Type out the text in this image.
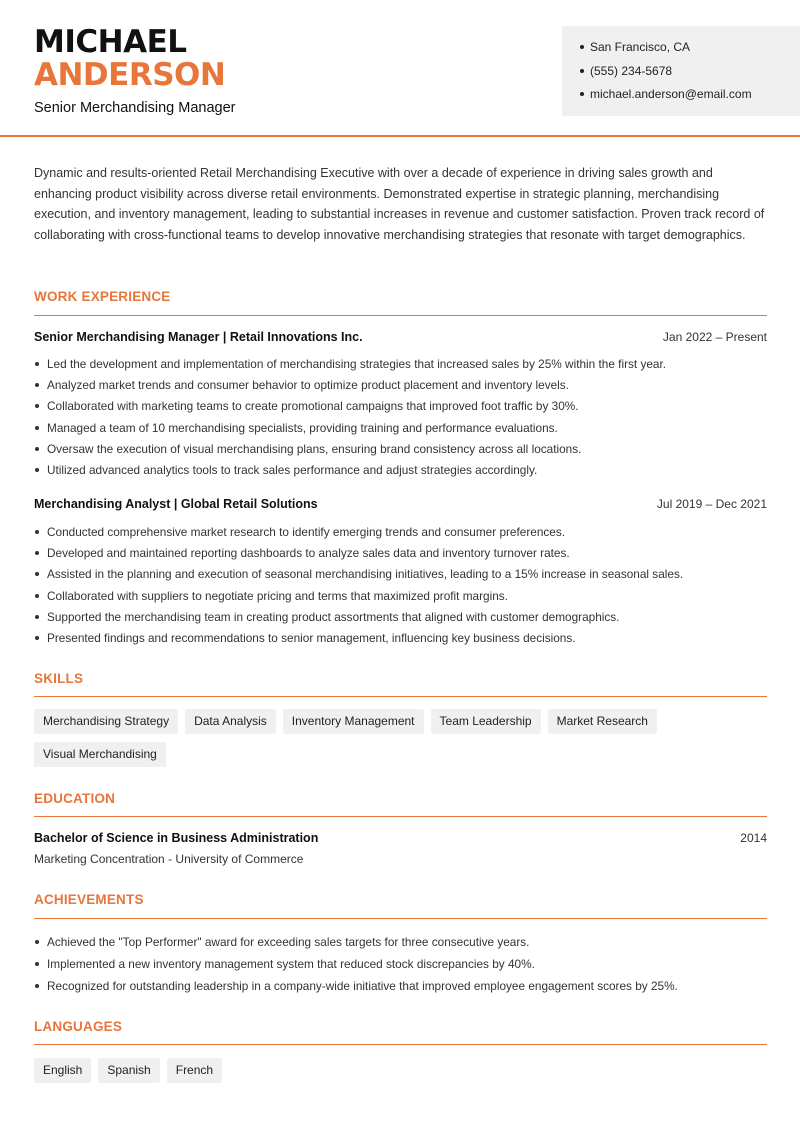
MICHAEL
ANDERSON
Senior Merchandising Manager
San Francisco, CA
(555) 234-5678
michael.anderson@email.com
Dynamic and results-oriented Retail Merchandising Executive with over a decade of experience in driving sales growth and enhancing product visibility across diverse retail environments. Demonstrated expertise in strategic planning, merchandising execution, and inventory management, leading to substantial increases in revenue and customer satisfaction. Proven track record of collaborating with cross-functional teams to develop innovative merchandising strategies that resonate with target demographics.
WORK EXPERIENCE
Senior Merchandising Manager | Retail Innovations Inc.	Jan 2022 – Present
Led the development and implementation of merchandising strategies that increased sales by 25% within the first year.
Analyzed market trends and consumer behavior to optimize product placement and inventory levels.
Collaborated with marketing teams to create promotional campaigns that improved foot traffic by 30%.
Managed a team of 10 merchandising specialists, providing training and performance evaluations.
Oversaw the execution of visual merchandising plans, ensuring brand consistency across all locations.
Utilized advanced analytics tools to track sales performance and adjust strategies accordingly.
Merchandising Analyst | Global Retail Solutions	Jul 2019 – Dec 2021
Conducted comprehensive market research to identify emerging trends and consumer preferences.
Developed and maintained reporting dashboards to analyze sales data and inventory turnover rates.
Assisted in the planning and execution of seasonal merchandising initiatives, leading to a 15% increase in seasonal sales.
Collaborated with suppliers to negotiate pricing and terms that maximized profit margins.
Supported the merchandising team in creating product assortments that aligned with customer demographics.
Presented findings and recommendations to senior management, influencing key business decisions.
SKILLS
Merchandising Strategy	Data Analysis	Inventory Management	Team Leadership	Market Research
Visual Merchandising
EDUCATION
Bachelor of Science in Business Administration	2014
Marketing Concentration - University of Commerce
ACHIEVEMENTS
Achieved the "Top Performer" award for exceeding sales targets for three consecutive years.
Implemented a new inventory management system that reduced stock discrepancies by 40%.
Recognized for outstanding leadership in a company-wide initiative that improved employee engagement scores by 25%.
LANGUAGES
English	Spanish	French
